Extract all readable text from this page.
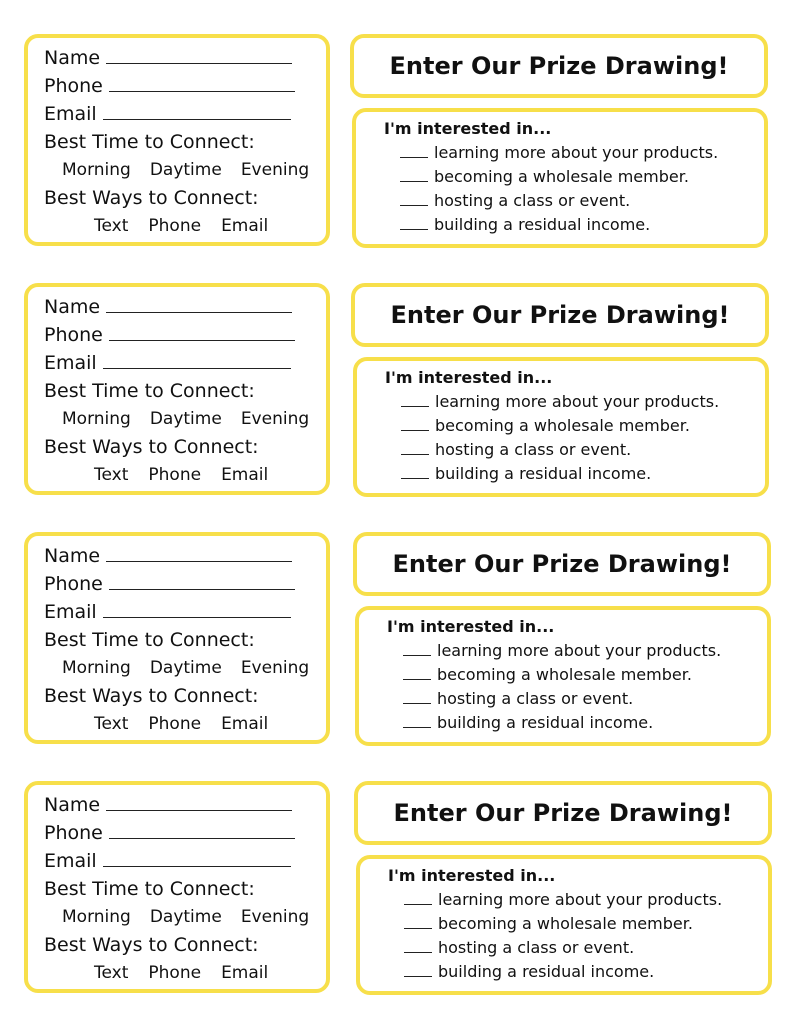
Name
Phone
Email
Best Time to Connect:
Morning Daytime Evening
Best Ways to Connect:
Text Phone Email
Enter Our Prize Drawing!
I'm interested in...
learning more about your products.
becoming a wholesale member.
hosting a class or event.
building a residual income.
Name
Phone
Email
Best Time to Connect:
Morning Daytime Evening
Best Ways to Connect:
Text Phone Email
Enter Our Prize Drawing!
I'm interested in...
learning more about your products.
becoming a wholesale member.
hosting a class or event.
building a residual income.
Name
Phone
Email
Best Time to Connect:
Morning Daytime Evening
Best Ways to Connect:
Text Phone Email
Enter Our Prize Drawing!
I'm interested in...
learning more about your products.
becoming a wholesale member.
hosting a class or event.
building a residual income.
Name
Phone
Email
Best Time to Connect:
Morning Daytime Evening
Best Ways to Connect:
Text Phone Email
Enter Our Prize Drawing!
I'm interested in...
learning more about your products.
becoming a wholesale member.
hosting a class or event.
building a residual income.
